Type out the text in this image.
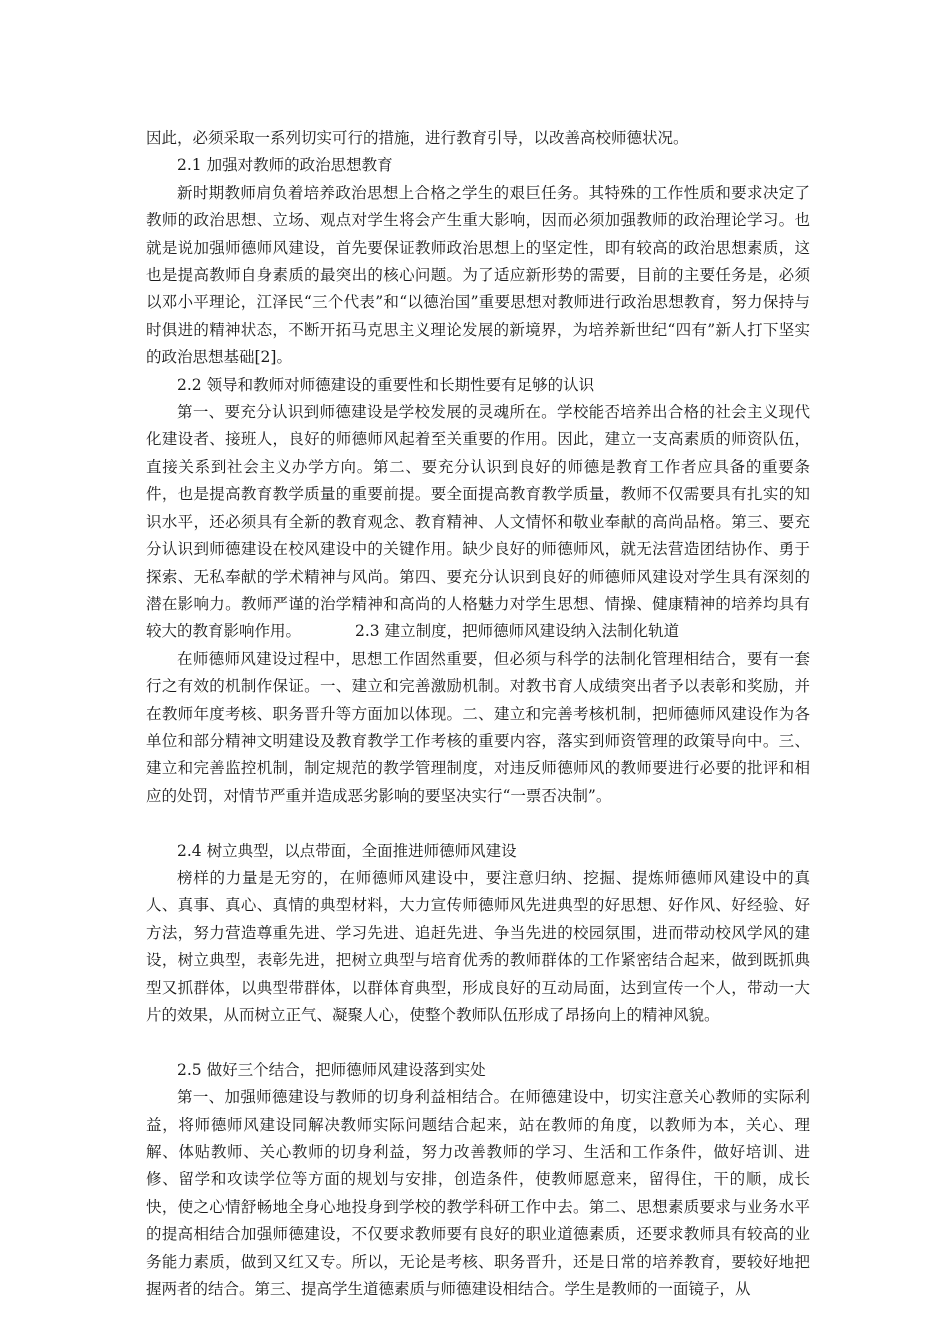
因此，必须采取一系列切实可行的措施，进行教育引导，以改善高校师德状况。

2.1 加强对教师的政治思想教育

新时期教师肩负着培养政治思想上合格之学生的艰巨任务。其特殊的工作性质和要求决定了教师的政治思想、立场、观点对学生将会产生重大影响，因而必须加强教师的政治理论学习。也就是说加强师德师风建设，首先要保证教师政治思想上的坚定性，即有较高的政治思想素质，这也是提高教师自身素质的最突出的核心问题。为了适应新形势的需要，目前的主要任务是，必须以邓小平理论，江泽民“三个代表”和“以德治国”重要思想对教师进行政治思想教育，努力保持与时俱进的精神状态，不断开拓马克思主义理论发展的新境界，为培养新世纪“四有”新人打下坚实的政治思想基础[2]。

2.2 领导和教师对师德建设的重要性和长期性要有足够的认识

第一、要充分认识到师德建设是学校发展的灵魂所在。学校能否培养出合格的社会主义现代化建设者、接班人，良好的师德师风起着至关重要的作用。因此，建立一支高素质的师资队伍，直接关系到社会主义办学方向。第二、要充分认识到良好的师德是教育工作者应具备的重要条件，也是提高教育教学质量的重要前提。要全面提高教育教学质量，教师不仅需要具有扎实的知识水平，还必须具有全新的教育观念、教育精神、人文情怀和敬业奉献的高尚品格。第三、要充分认识到师德建设在校风建设中的关键作用。缺少良好的师德师风，就无法营造团结协作、勇于探索、无私奉献的学术精神与风尚。第四、要充分认识到良好的师德师风建设对学生具有深刻的潜在影响力。教师严谨的治学精神和高尚的人格魅力对学生思想、情操、健康精神的培养均具有较大的教育影响作用。	2.3 建立制度，把师德师风建设纳入法制化轨道

在师德师风建设过程中，思想工作固然重要，但必须与科学的法制化管理相结合，要有一套行之有效的机制作保证。一、建立和完善激励机制。对教书育人成绩突出者予以表彰和奖励，并在教师年度考核、职务晋升等方面加以体现。二、建立和完善考核机制，把师德师风建设作为各单位和部分精神文明建设及教育教学工作考核的重要内容，落实到师资管理的政策导向中。三、建立和完善监控机制，制定规范的教学管理制度，对违反师德师风的教师要进行必要的批评和相应的处罚，对情节严重并造成恶劣影响的要坚决实行“一票否决制”。

2.4 树立典型，以点带面，全面推进师德师风建设

榜样的力量是无穷的，在师德师风建设中，要注意归纳、挖掘、提炼师德师风建设中的真人、真事、真心、真情的典型材料，大力宣传师德师风先进典型的好思想、好作风、好经验、好方法，努力营造尊重先进、学习先进、追赶先进、争当先进的校园氛围，进而带动校风学风的建设，树立典型，表彰先进，把树立典型与培育优秀的教师群体的工作紧密结合起来，做到既抓典型又抓群体，以典型带群体，以群体育典型，形成良好的互动局面，达到宣传一个人，带动一大片的效果，从而树立正气、凝聚人心，使整个教师队伍形成了昂扬向上的精神风貌。

2.5 做好三个结合，把师德师风建设落到实处

第一、加强师德建设与教师的切身利益相结合。在师德建设中，切实注意关心教师的实际利益，将师德师风建设同解决教师实际问题结合起来，站在教师的角度，以教师为本，关心、理解、体贴教师、关心教师的切身利益，努力改善教师的学习、生活和工作条件，做好培训、进修、留学和攻读学位等方面的规划与安排，创造条件，使教师愿意来，留得住，干的顺，成长快，使之心情舒畅地全身心地投身到学校的教学科研工作中去。第二、思想素质要求与业务水平的提高相结合加强师德建设，不仅要求教师要有良好的职业道德素质，还要求教师具有较高的业务能力素质，做到又红又专。所以，无论是考核、职务晋升，还是日常的培养教育，要较好地把握两者的结合。第三、提高学生道德素质与师德建设相结合。学生是教师的一面镜子，从
